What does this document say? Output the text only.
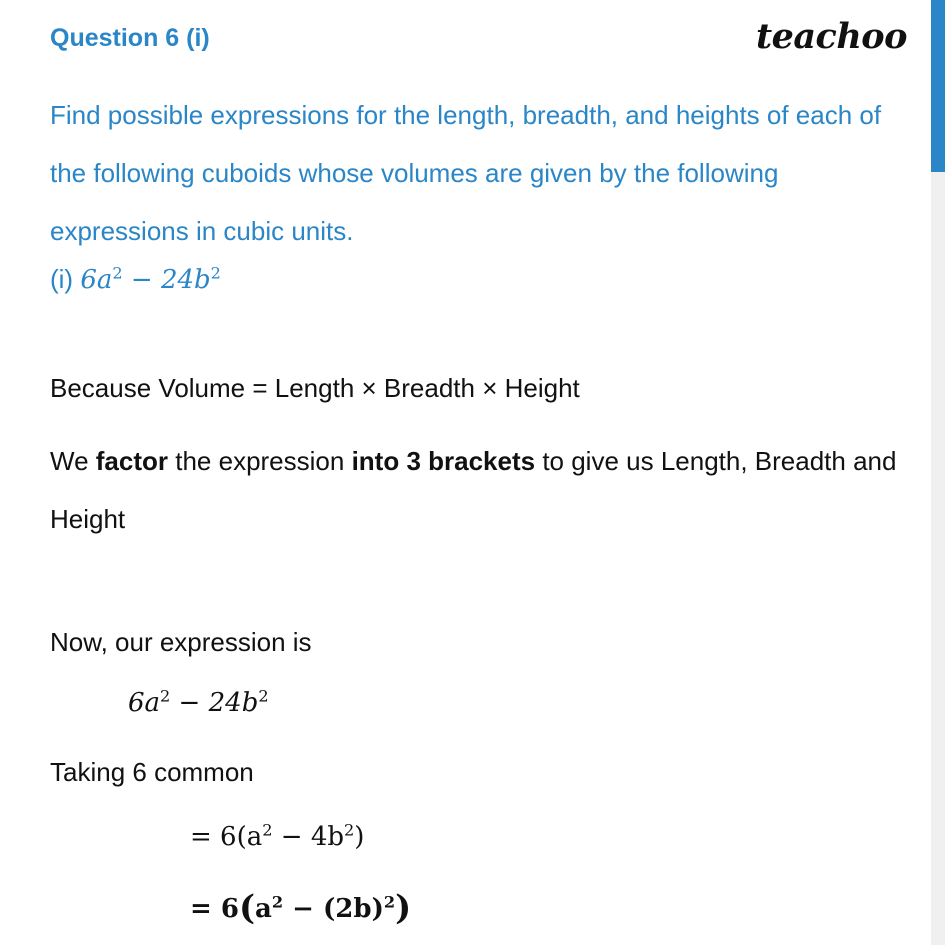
Question 6 (i)	teachoo
Find possible expressions for the length, breadth, and heights of each of the following cuboids whose volumes are given by the following expressions in cubic units.
(i) $6a^2 - 24b^2$
Because Volume = Length × Breadth × Height
We factor the expression into 3 brackets to give us Length, Breadth and Height
Now, our expression is
$6a^2 - 24b^2$
Taking 6 common
= $6(a^2 - 4b^2)$
= $6(a^2 - (2b)^2)$
